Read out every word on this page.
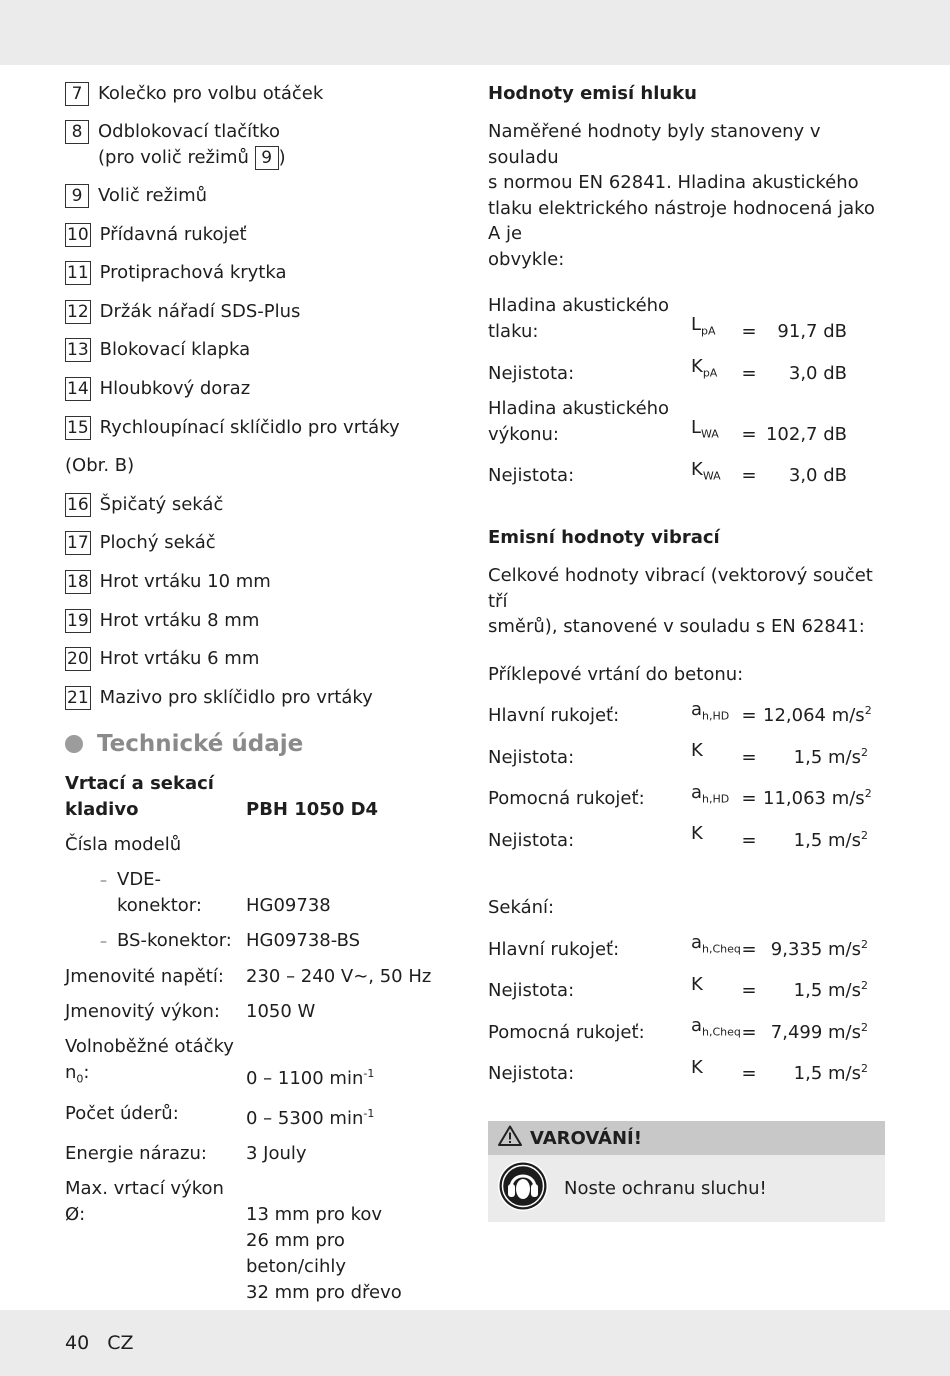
7 Kolečko pro volbu otáček
8 Odblokovací tlačítko
(pro volič režimů 9 )
9 Volič režimů
10 Přídavná rukojeť
11 Protiprachová krytka
12 Držák nářadí SDS-Plus
13 Blokovací klapka
14 Hloubkový doraz
15 Rychloupínací sklíčidlo pro vrtáky
(Obr. B)
16 Špičatý sekáč
17 Plochý sekáč
18 Hrot vrtáku 10 mm
19 Hrot vrtáku 8 mm
20 Hrot vrtáku 6 mm
21 Mazivo pro sklíčidlo pro vrtáky
Technické údaje
Vrtací a sekací
kladivo	PBH 1050 D4
Čísla modelů
– VDE-
konektor: HG09738
– BS-konektor: HG09738-BS
Jmenovité napětí:	230 – 240 V∼, 50 Hz
Jmenovitý výkon:	1050 W
Volnoběžné otáčky
$n_0$:	0 – 1100 $\min^{-1}$
Počet úderů:	0 – 5300 $\min^{-1}$
Energie nárazu:	3 Jouly
Max. vrtací výkon
Ø:	13 mm pro kov
26 mm pro beton/cihly
32 mm pro dřevo
Hodnoty emisí hluku
Naměřené hodnoty byly stanoveny v souladu
s normou EN 62841. Hladina akustického
tlaku elektrického nástroje hodnocená jako A je
obvykle:
Hladina akustického
tlaku:	$L_{pA}$	=	91,7 dB
Nejistota:	$K_{pA}$	=	3,0 dB
Hladina akustického
výkonu:	$L_{WA}$	= 102,7 dB
Nejistota:	$K_{WA}$	=	3,0 dB
Emisní hodnoty vibrací
Celkové hodnoty vibrací (vektorový součet tří
směrů), stanovené v souladu s EN 62841:
Příklepové vrtání do betonu:
Hlavní rukojeť:	$a_{h,HD} = 12,064$ $m/s^2$
Nejistota:	K	=	1,5 $m/s^2$
Pomocná rukojeť:	$a_{h,HD} = 11,063$ $m/s^2$
Nejistota:	K	=	1,5 $m/s^2$
Sekání:
Hlavní rukojeť:	$a_{h,Cheq} = 9,335$ $m/s^2$
Nejistota:	K	=	1,5 $m/s^2$
Pomocná rukojeť:	$a_{h,Cheq} = 7,499$ $m/s^2$
Nejistota:	K	=	1,5 $m/s^2$
VAROVÁNÍ!
Noste ochranu sluchu!
40 CZ
